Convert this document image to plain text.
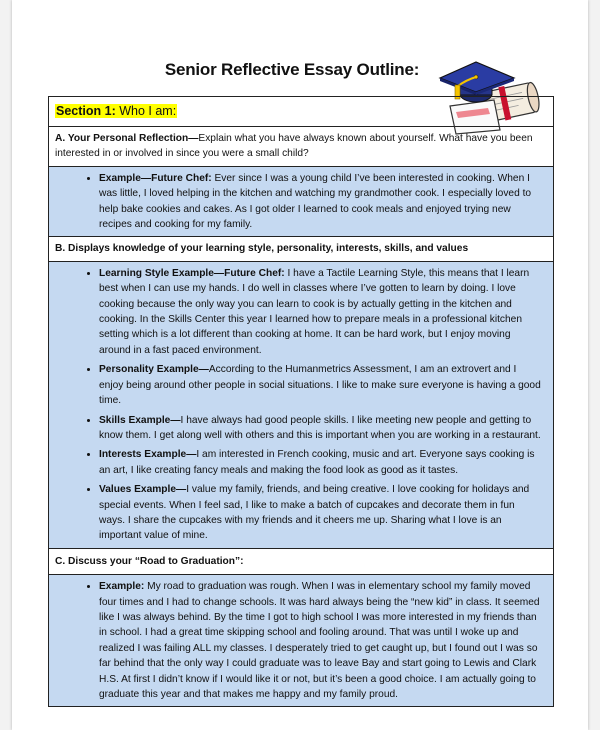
Senior Reflective Essay Outline:
Section 1: Who I am:
A. Your Personal Reflection—Explain what you have always known about yourself. What have you been interested in or involved in since you were a small child?
• Example—Future Chef: Ever since I was a young child I’ve been interested in cooking. When I was little, I loved helping in the kitchen and watching my grandmother cook. I especially loved to help bake cookies and cakes. As I got older I learned to cook meals and enjoyed trying new recipes and cooking for my family.
B. Displays knowledge of your learning style, personality, interests, skills, and values
• Learning Style Example—Future Chef: I have a Tactile Learning Style, this means that I learn best when I can use my hands. I do well in classes where I’ve gotten to learn by doing. I love cooking because the only way you can learn to cook is by actually getting in the kitchen and cooking. In the Skills Center this year I learned how to prepare meals in a professional kitchen setting which is a lot different than cooking at home. It can be hard work, but I enjoy moving around in a fast paced environment.
• Personality Example—According to the Humanmetrics Assessment, I am an extrovert and I enjoy being around other people in social situations. I like to make sure everyone is having a good time.
• Skills Example—I have always had good people skills. I like meeting new people and getting to know them. I get along well with others and this is important when you are working in a restaurant.
• Interests Example—I am interested in French cooking, music and art. Everyone says cooking is an art, I like creating fancy meals and making the food look as good as it tastes.
• Values Example—I value my family, friends, and being creative. I love cooking for holidays and special events. When I feel sad, I like to make a batch of cupcakes and decorate them in fun ways. I share the cupcakes with my friends and it cheers me up. Sharing what I love is an important value of mine.
C. Discuss your “Road to Graduation”:
• Example: My road to graduation was rough. When I was in elementary school my family moved four times and I had to change schools. It was hard always being the “new kid” in class. It seemed like I was always behind. By the time I got to high school I was more interested in my friends than in school. I had a great time skipping school and fooling around. That was until I woke up and realized I was failing ALL my classes. I desperately tried to get caught up, but I found out I was so far behind that the only way I could graduate was to leave Bay and start going to Lewis and Clark H.S. At first I didn’t know if I would like it or not, but it’s been a good choice. I am actually going to graduate this year and that makes me happy and my family proud.
